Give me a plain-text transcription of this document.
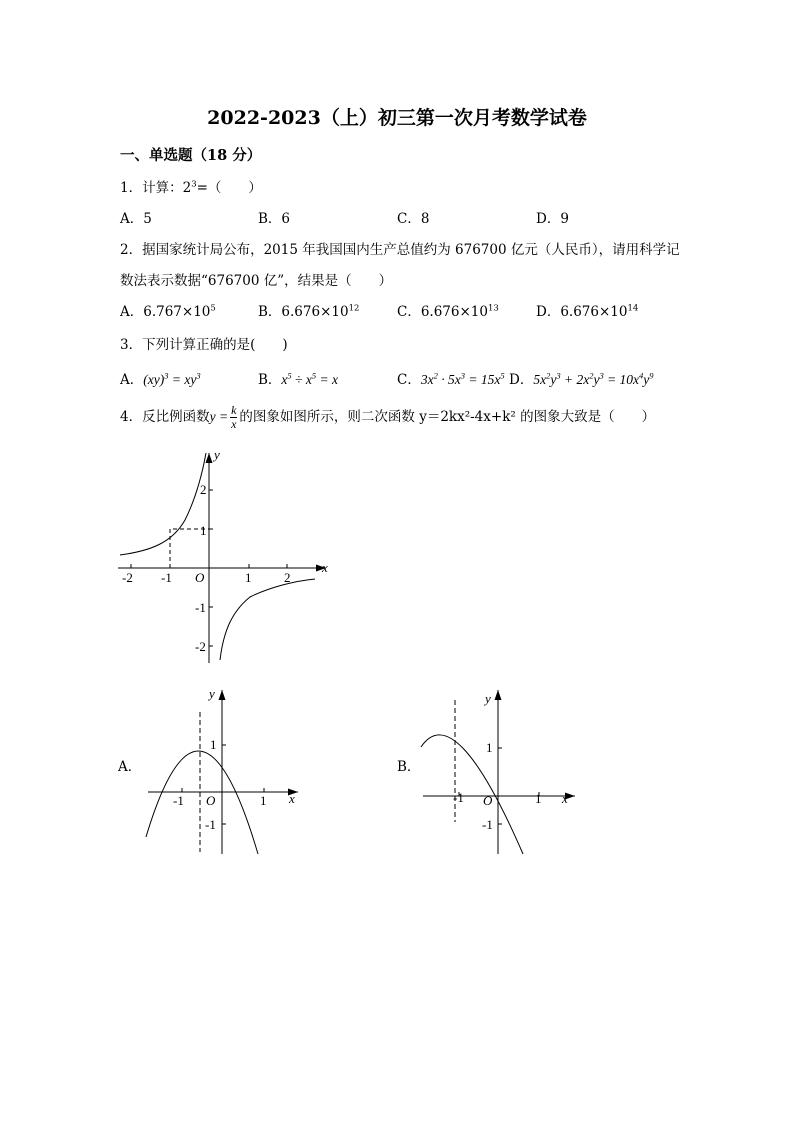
2022-2023（上）初三第一次月考数学试卷
一、单选题（18 分）
1．计算：$2^3=$（　　）
A．5	B．6	C．8	D．9
2．据国家统计局公布，2015 年我国国内生产总值约为 676700 亿元（人民币），请用科学记
数法表示数据“676700 亿”，结果是（　　）
A．$6.767\times 10^5$	B．$6.676\times 10^{12}$	C．$6.676\times 10^{13}$	D．$6.676\times 10^{14}$
3．下列计算正确的是(　　)
A．$(xy)^3 = xy^3$	B．$x^5 \div x^5 = x$	C．$3x^2 \cdot 5x^3 = 15x^5$ D．$5x^2y^3 + 2x^2y^3 = 10x^4y^9$
4．反比例函数$y = \frac{k}{x}$ 的图象如图所示，则二次函数 y＝2kx²-4x+k² 的图象大致是（　　）
y
x
O
2
1
-1
-2
-2 -1	1	2
A．
y
x
O
1
-1
-1	1
B．
y
x
O
1
-1
-1	1
